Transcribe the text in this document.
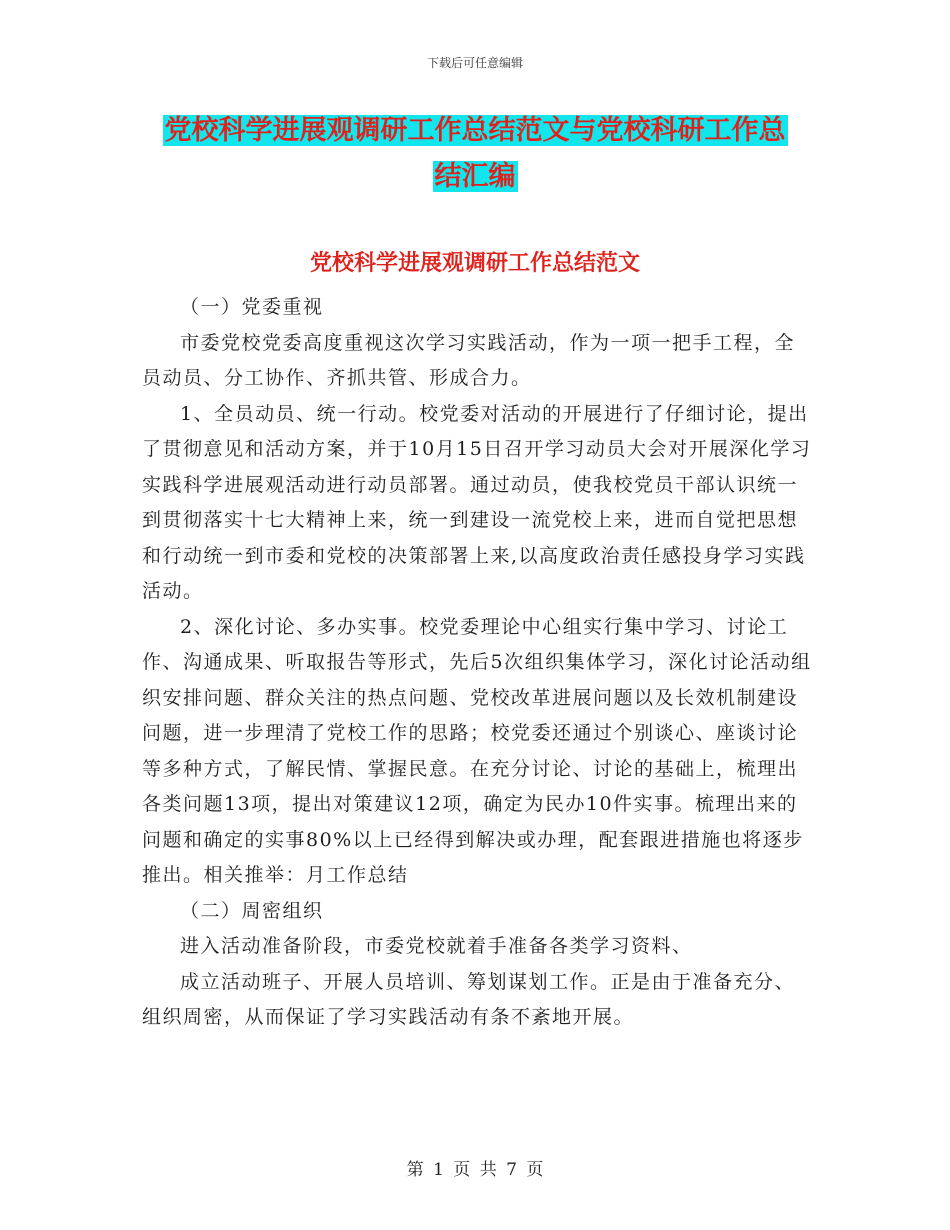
下载后可任意编辑
党校科学进展观调研工作总结范文与党校科研工作总
结汇编
党校科学进展观调研工作总结范文

（一）党委重视

市委党校党委高度重视这次学习实践活动，作为一项一把手工程，全员动员、分工协作、齐抓共管、形成合力。

1、全员动员、统一行动。校党委对活动的开展进行了仔细讨论，提出了贯彻意见和活动方案，并于10月15日召开学习动员大会对开展深化学习实践科学进展观活动进行动员部署。通过动员，使我校党员干部认识统一到贯彻落实十七大精神上来，统一到建设一流党校上来，进而自觉把思想和行动统一到市委和党校的决策部署上来,以高度政治责任感投身学习实践活动。

2、深化讨论、多办实事。校党委理论中心组实行集中学习、讨论工作、沟通成果、听取报告等形式，先后5次组织集体学习，深化讨论活动组织安排问题、群众关注的热点问题、党校改革进展问题以及长效机制建设问题，进一步理清了党校工作的思路；校党委还通过个别谈心、座谈讨论等多种方式，了解民情、掌握民意。在充分讨论、讨论的基础上，梳理出各类问题13项，提出对策建议12项，确定为民办10件实事。梳理出来的问题和确定的实事80%以上已经得到解决或办理，配套跟进措施也将逐步推出。相关推举：月工作总结

（二）周密组织

进入活动准备阶段，市委党校就着手准备各类学习资料、

成立活动班子、开展人员培训、筹划谋划工作。正是由于准备充分、组织周密，从而保证了学习实践活动有条不紊地开展。

第 1 页 共 7 页
